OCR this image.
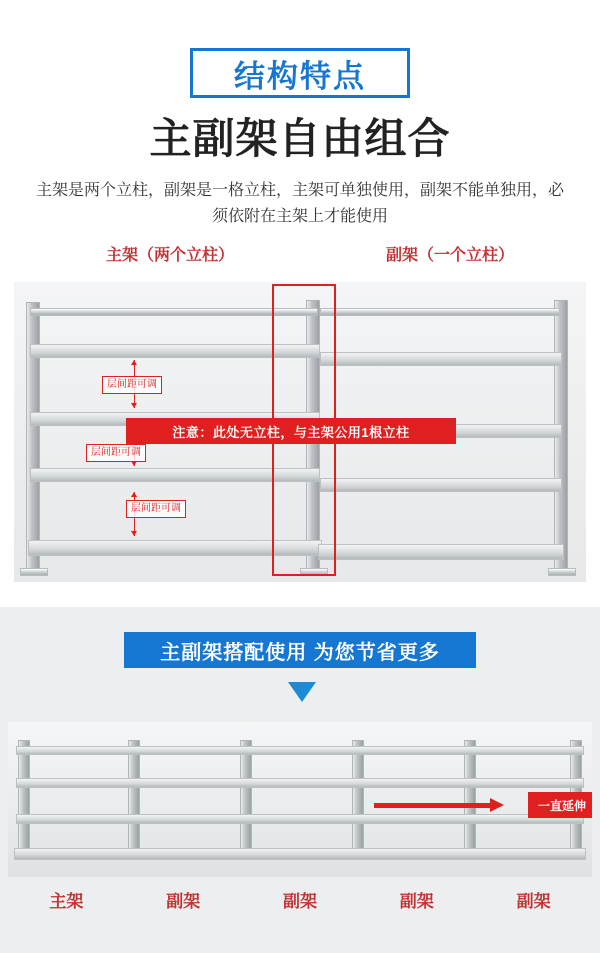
结构特点
主副架自由组合
主架是两个立柱，副架是一格立柱，主架可单独使用，副架不能单独用，必须依附在主架上才能使用
主架（两个立柱）	副架（一个立柱）
层间距可调
层间距可调
层间距可调
注意：此处无立柱，与主架公用1根立柱
主副架搭配使用 为您节省更多
一直延伸
主架	副架	副架	副架	副架
